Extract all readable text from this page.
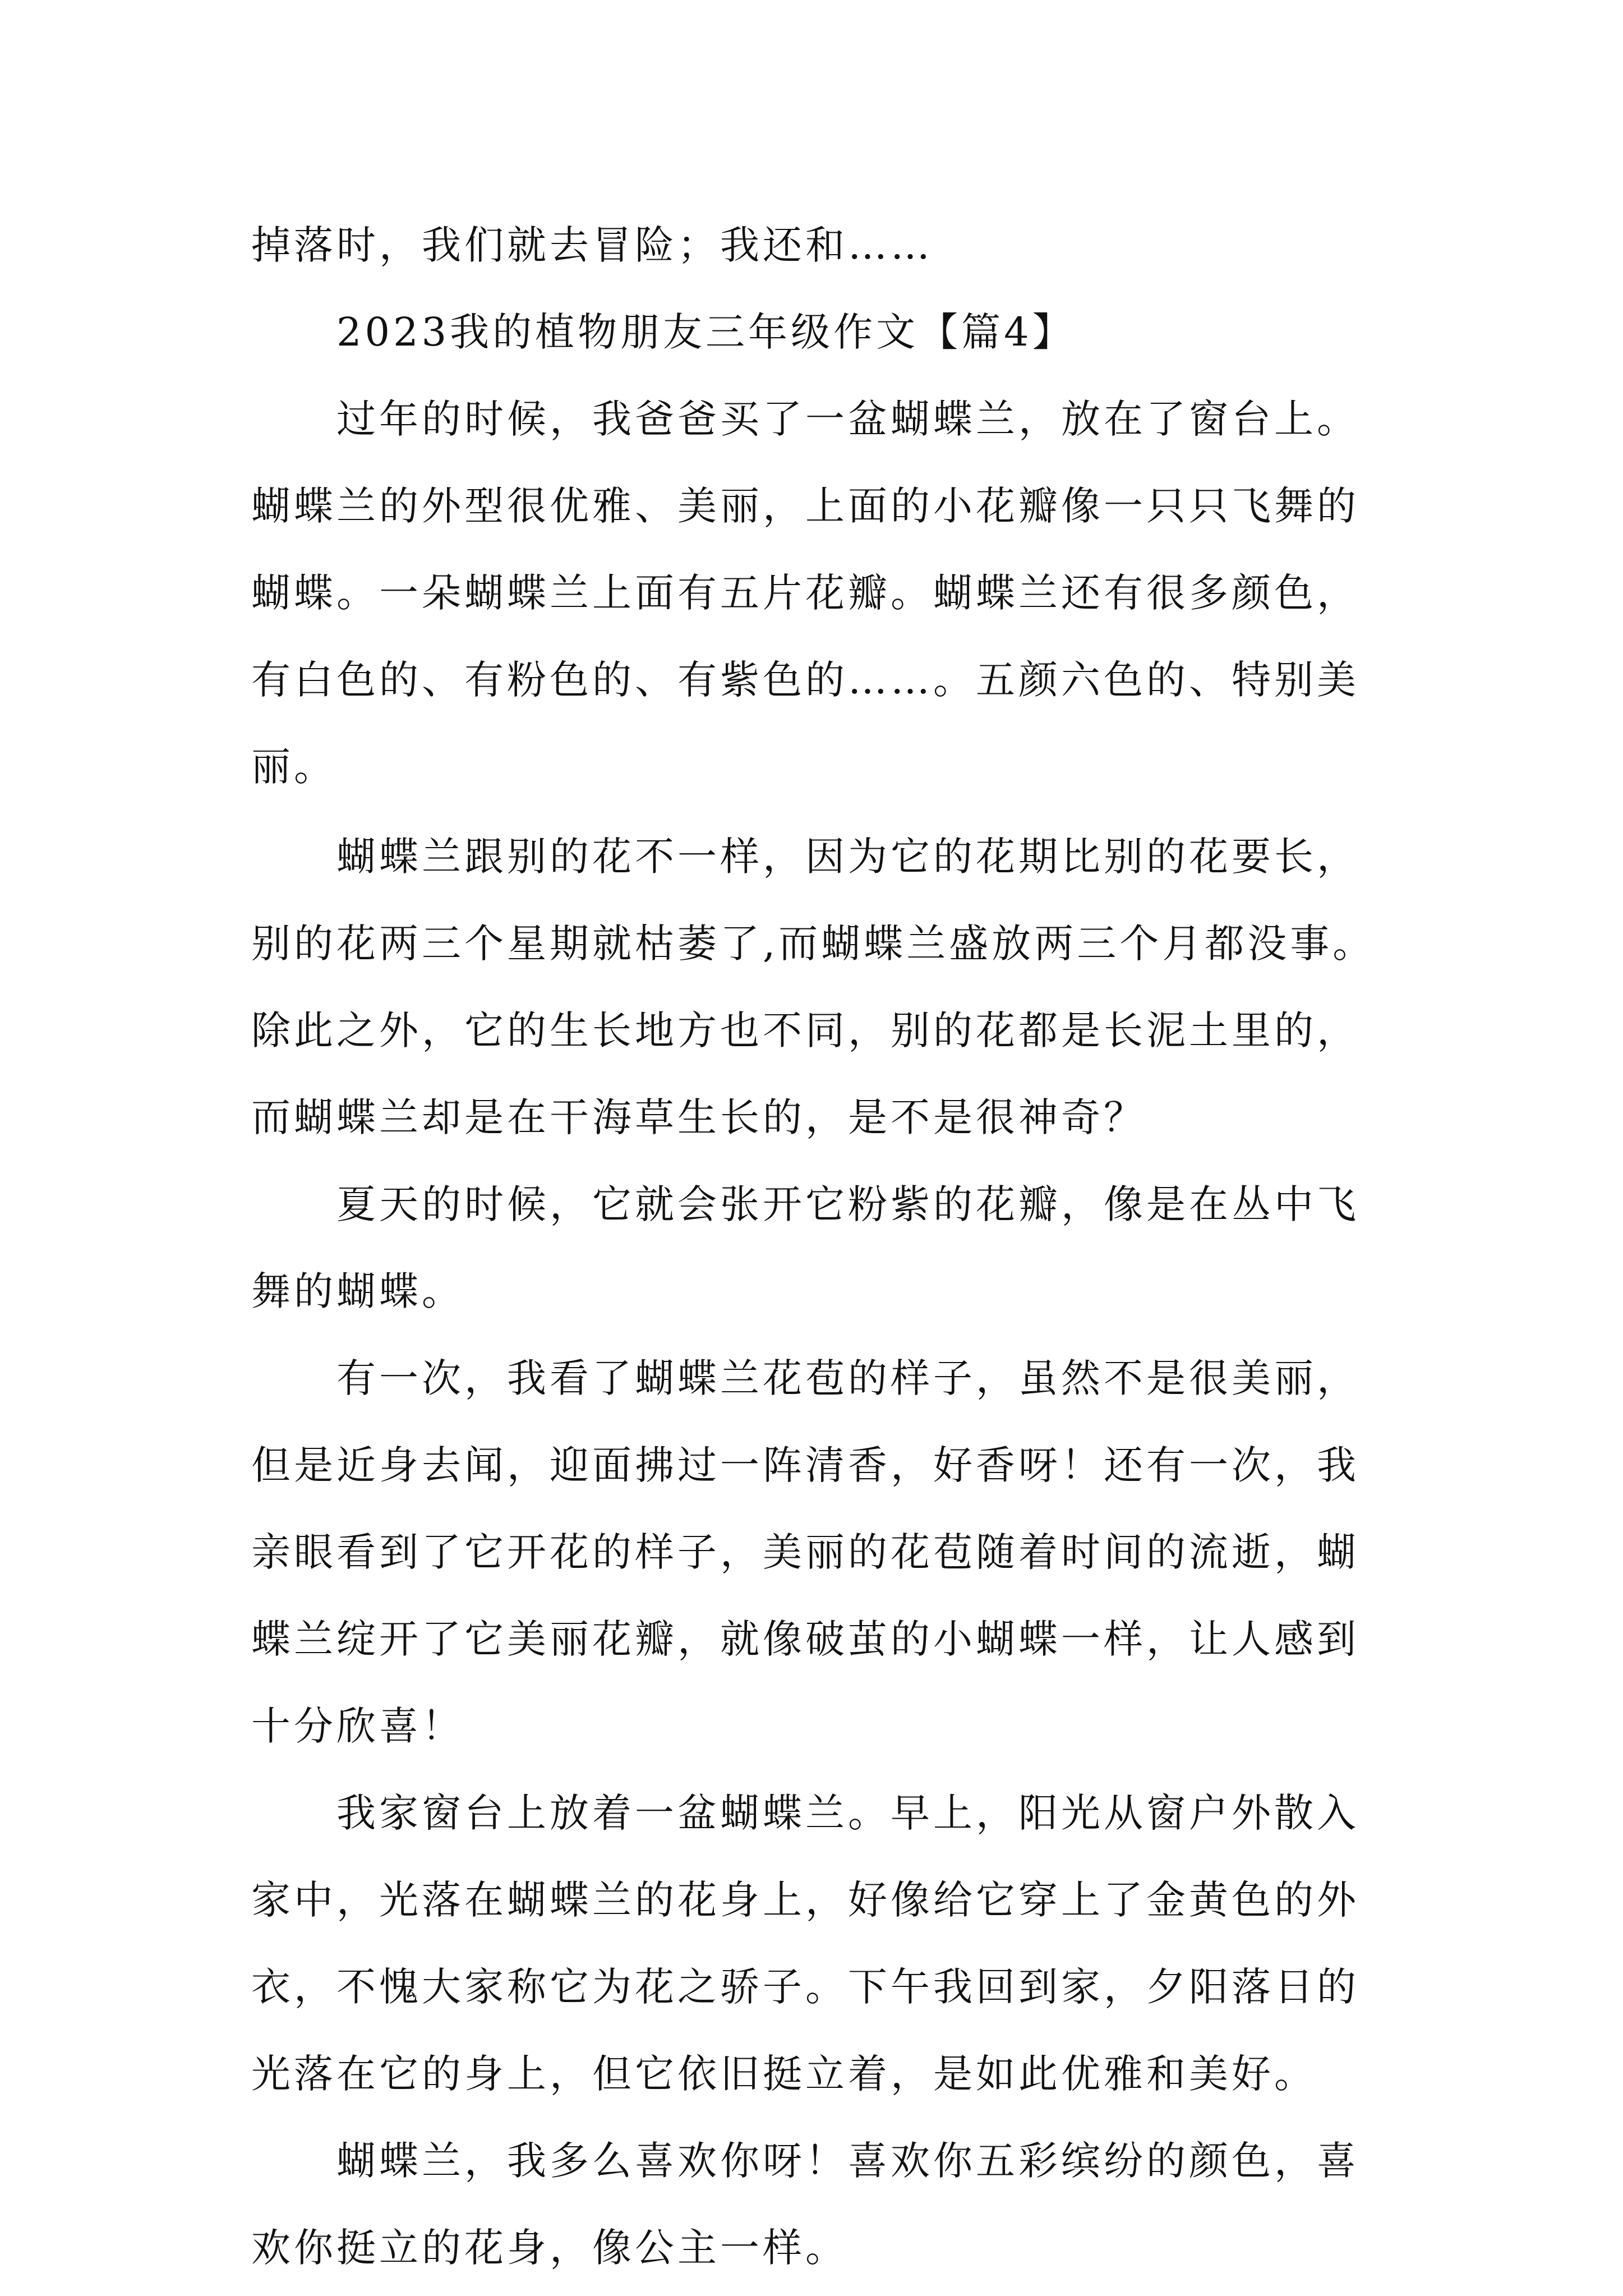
掉落时，我们就去冒险；我还和……
2023我的植物朋友三年级作文【篇4】
过年的时候，我爸爸买了一盆蝴蝶兰，放在了窗台上。
蝴蝶兰的外型很优雅、美丽，上面的小花瓣像一只只飞舞的
蝴蝶。一朵蝴蝶兰上面有五片花瓣。蝴蝶兰还有很多颜色，
有白色的、有粉色的、有紫色的……。五颜六色的、特别美
丽。
蝴蝶兰跟别的花不一样，因为它的花期比别的花要长，
别的花两三个星期就枯萎了,而蝴蝶兰盛放两三个月都没事。
除此之外，它的生长地方也不同，别的花都是长泥土里的，
而蝴蝶兰却是在干海草生长的，是不是很神奇？
夏天的时候，它就会张开它粉紫的花瓣，像是在丛中飞
舞的蝴蝶。
有一次，我看了蝴蝶兰花苞的样子，虽然不是很美丽，
但是近身去闻，迎面拂过一阵清香，好香呀！还有一次，我
亲眼看到了它开花的样子，美丽的花苞随着时间的流逝，蝴
蝶兰绽开了它美丽花瓣，就像破茧的小蝴蝶一样，让人感到
十分欣喜！
我家窗台上放着一盆蝴蝶兰。早上，阳光从窗户外散入
家中，光落在蝴蝶兰的花身上，好像给它穿上了金黄色的外
衣，不愧大家称它为花之骄子。下午我回到家，夕阳落日的
光落在它的身上，但它依旧挺立着，是如此优雅和美好。
蝴蝶兰，我多么喜欢你呀！喜欢你五彩缤纷的颜色，喜
欢你挺立的花身，像公主一样。
